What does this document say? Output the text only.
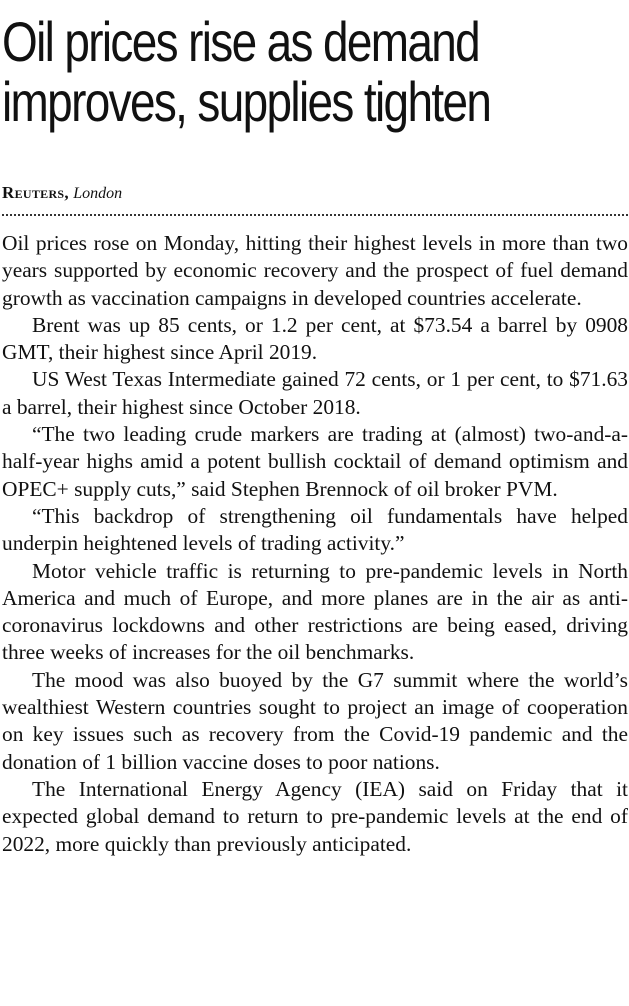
Oil prices rise as demand
improves, supplies tighten
Reuters, London

Oil prices rose on Monday, hitting their highest levels in more than two years supported by economic recovery and the prospect of fuel demand growth as vaccination campaigns in developed countries accelerate.

Brent was up 85 cents, or 1.2 per cent, at $73.54 a barrel by 0908 GMT, their highest since April 2019.

US West Texas Intermediate gained 72 cents, or 1 per cent, to $71.63 a barrel, their highest since October 2018.

“The two leading crude markers are trading at (almost) two-and-a-half-year highs amid a potent bullish cocktail of demand optimism and OPEC+ supply cuts,” said Stephen Brennock of oil broker PVM.

“This backdrop of strengthening oil fundamentals have helped underpin heightened levels of trading activity.”

Motor vehicle traffic is returning to pre-pandemic levels in North America and much of Europe, and more planes are in the air as anti-coronavirus lockdowns and other restrictions are being eased, driving three weeks of increases for the oil benchmarks.

The mood was also buoyed by the G7 summit where the world’s wealthiest Western countries sought to project an image of cooperation on key issues such as recovery from the Covid-19 pandemic and the donation of 1 billion vaccine doses to poor nations.

The International Energy Agency (IEA) said on Friday that it expected global demand to return to pre-pandemic levels at the end of 2022, more quickly than previously anticipated.
